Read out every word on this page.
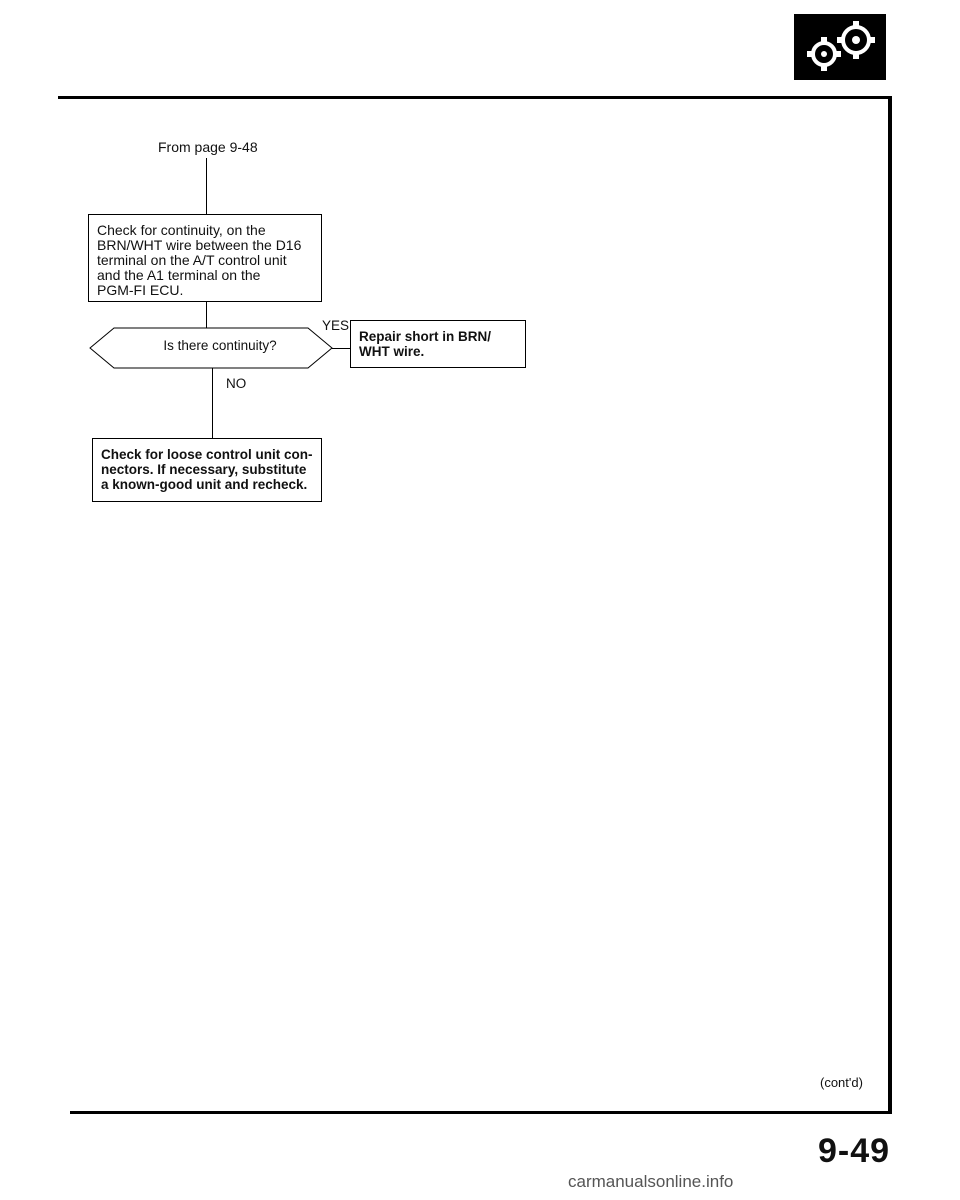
From page 9-48
Check for continuity, on the
BRN/WHT wire between the D16
terminal on the A/T control unit
and the A1 terminal on the
PGM-FI ECU.
Is there continuity?
YES
Repair short in BRN/
WHT wire.
NO
Check for loose control unit con-
nectors. If necessary, substitute
a known-good unit and recheck.
(cont'd)
9-49
carmanualsonline.info
